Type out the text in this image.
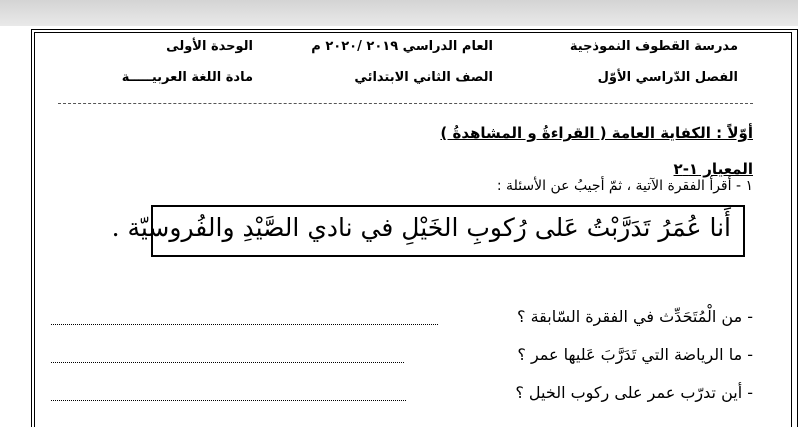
مدرسة القطوف النموذجية
العام الدراسي ٢٠١٩ /٢٠٢٠ م
الوحدة الأولى
الفصل الدّراسي الأوّل
الصف الثاني الابتدائي
مادة اللغة العربيـــــة
أوّلاً : الكفاية العامة ( القراءةُ و المشاهدةُ )
المعيار ١-٢
١ - أقرأ الفقرة الآتية ، ثمّ أجيبُ عن الأسئلة :
أَنا عُمَرُ تَدَرَّبْتُ عَلى رُكوبِ الخَيْلِ في نادي الصَّيْدِ والفُروسيّة .
- من الْمُتَحَدِّث في الفقرة السّابقة ؟
- ما الرياضة التي تَدَرَّبَ عَليها عمر ؟
- أين تدرّب عمر على ركوب الخيل ؟
